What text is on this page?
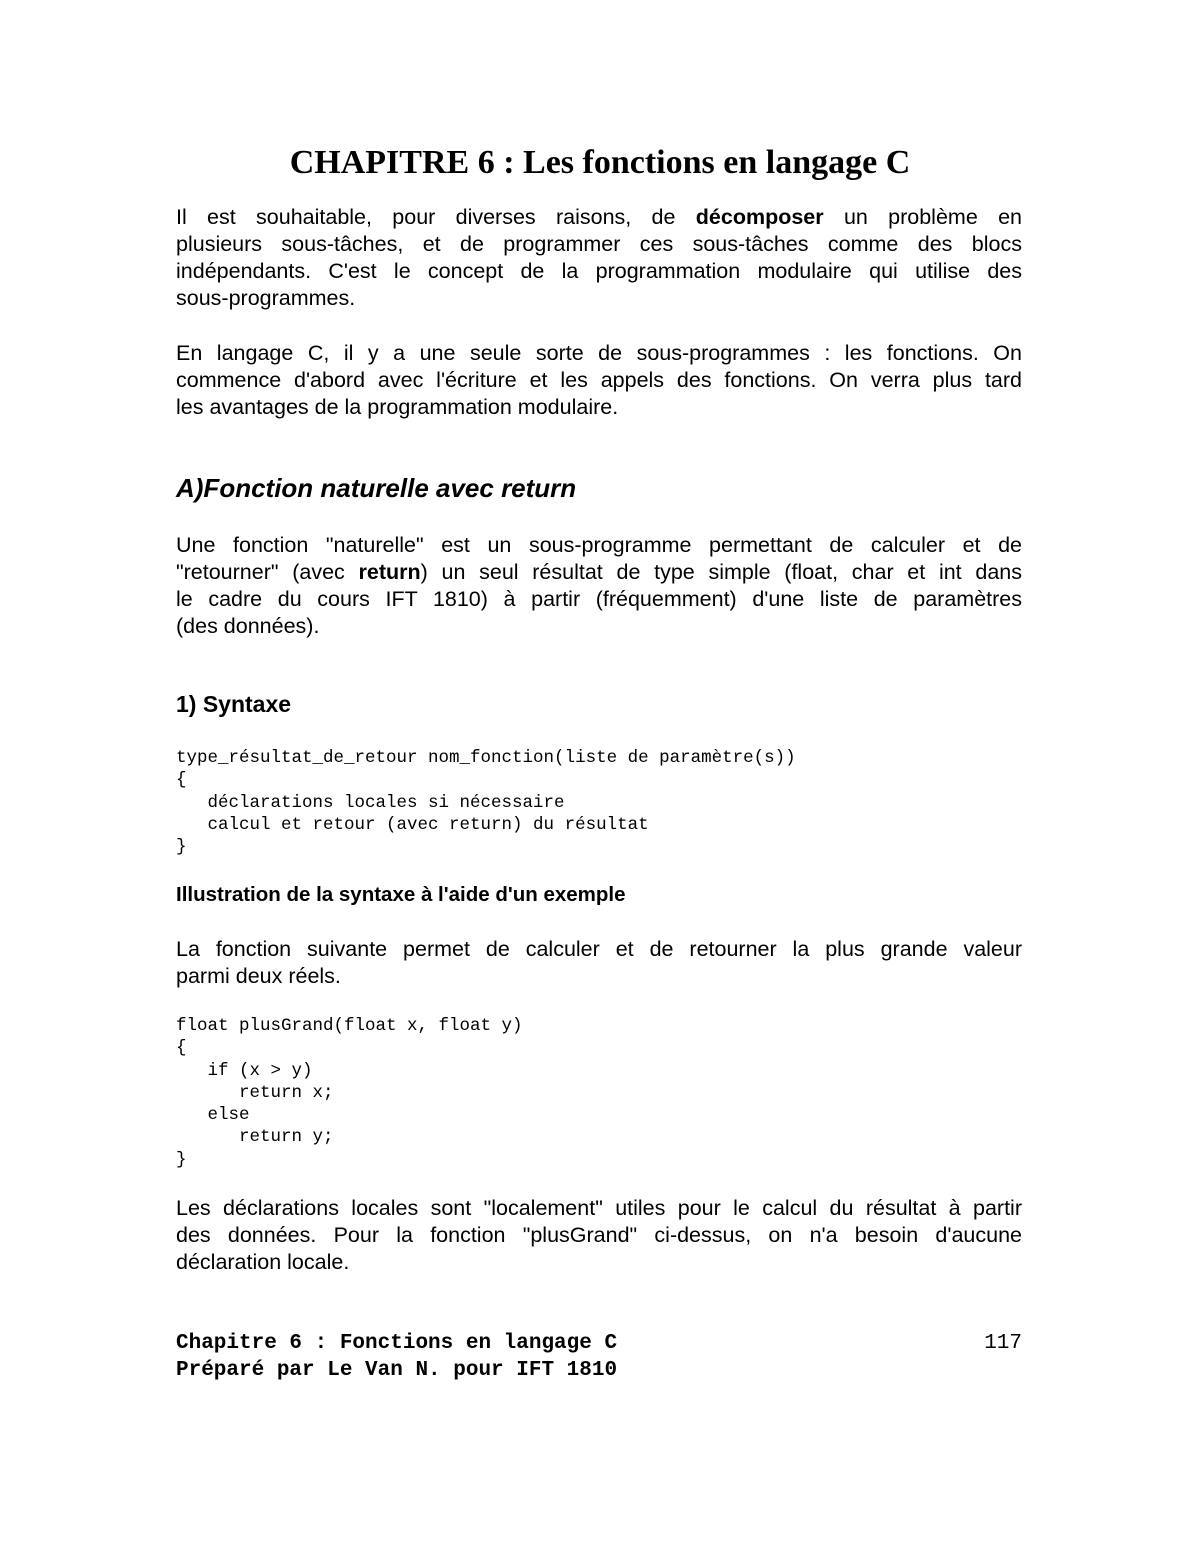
CHAPITRE 6 : Les fonctions en langage C
Il est souhaitable, pour diverses raisons, de décomposer un problème en
plusieurs sous-tâches, et de programmer ces sous-tâches comme des blocs
indépendants. C'est le concept de la programmation modulaire qui utilise des
sous-programmes.
En langage C, il y a une seule sorte de sous-programmes : les fonctions. On
commence d'abord avec l'écriture et les appels des fonctions. On verra plus tard
les avantages de la programmation modulaire.
A)Fonction naturelle avec return
Une fonction "naturelle" est un sous-programme permettant de calculer et de
"retourner" (avec return) un seul résultat de type simple (float, char et int dans
le cadre du cours IFT 1810) à partir (fréquemment) d'une liste de paramètres
(des données).
1) Syntaxe
type_résultat_de_retour nom_fonction(liste de paramètre(s))
{
déclarations locales si nécessaire
calcul et retour (avec return) du résultat
}
Illustration de la syntaxe à l'aide d'un exemple
La fonction suivante permet de calculer et de retourner la plus grande valeur
parmi deux réels.
float plusGrand(float x, float y)
{
if (x > y)
return x;
else
return y;
}
Les déclarations locales sont "localement" utiles pour le calcul du résultat à partir
des données. Pour la fonction "plusGrand" ci-dessus, on n'a besoin d'aucune
déclaration locale.
Chapitre 6 : Fonctions en langage C
Préparé par Le Van N. pour IFT 1810
117
